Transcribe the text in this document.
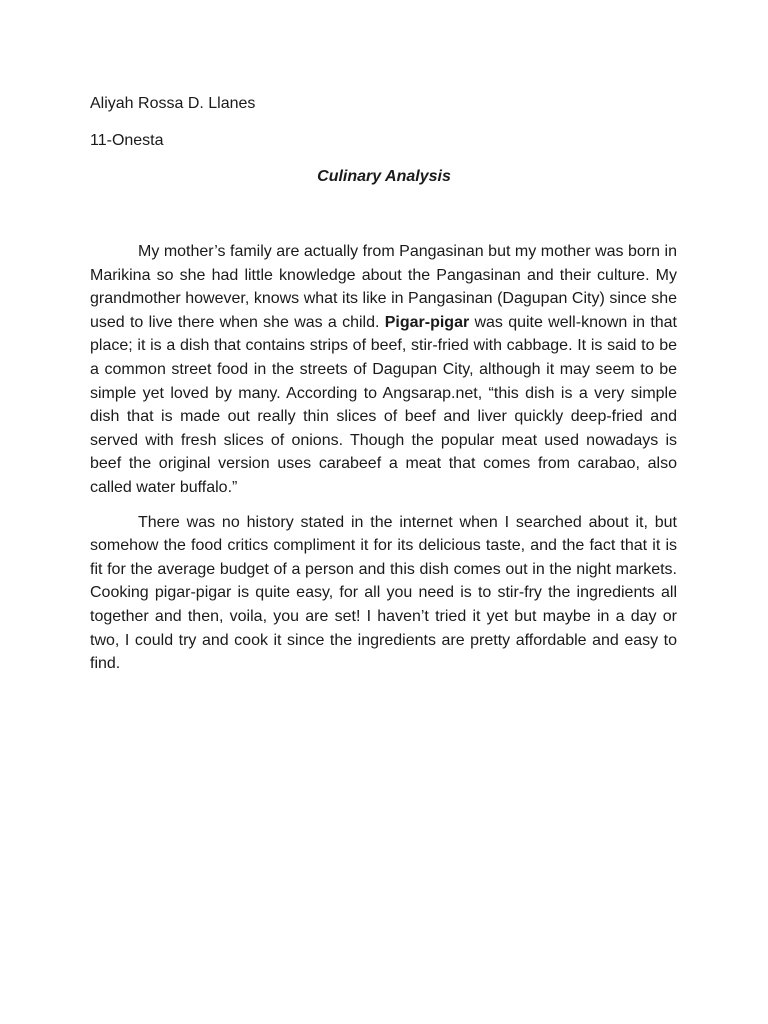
Aliyah Rossa D. Llanes

11-Onesta

Culinary Analysis

My mother’s family are actually from Pangasinan but my mother was born in Marikina so she had little knowledge about the Pangasinan and their culture. My grandmother however, knows what its like in Pangasinan (Dagupan City) since she used to live there when she was a child. Pigar-pigar was quite well-known in that place; it is a dish that contains strips of beef, stir-fried with cabbage. It is said to be a common street food in the streets of Dagupan City, although it may seem to be simple yet loved by many. According to Angsarap.net, “this dish is a very simple dish that is made out really thin slices of beef and liver quickly deep-fried and served with fresh slices of onions. Though the popular meat used nowadays is beef the original version uses carabeef a meat that comes from carabao, also called water buffalo.”

There was no history stated in the internet when I searched about it, but somehow the food critics compliment it for its delicious taste, and the fact that it is fit for the average budget of a person and this dish comes out in the night markets. Cooking pigar-pigar is quite easy, for all you need is to stir-fry the ingredients all together and then, voila, you are set! I haven’t tried it yet but maybe in a day or two, I could try and cook it since the ingredients are pretty affordable and easy to find.
